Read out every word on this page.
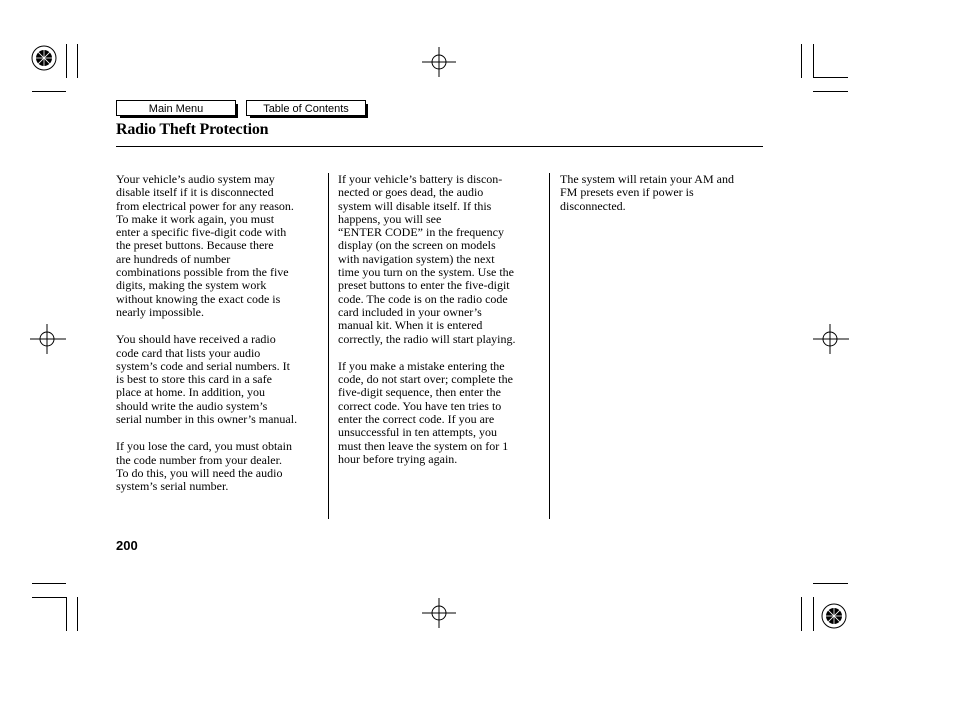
Main Menu	Table of Contents
Radio Theft Protection

Your vehicle’s audio system may
disable itself if it is disconnected
from electrical power for any reason.
To make it work again, you must
enter a specific five-digit code with
the preset buttons. Because there
are hundreds of number
combinations possible from the five
digits, making the system work
without knowing the exact code is
nearly impossible.

You should have received a radio
code card that lists your audio
system’s code and serial numbers. It
is best to store this card in a safe
place at home. In addition, you
should write the audio system’s
serial number in this owner’s manual.

If you lose the card, you must obtain
the code number from your dealer.
To do this, you will need the audio
system’s serial number.

If your vehicle’s battery is discon-
nected or goes dead, the audio
system will disable itself. If this
happens, you will see
“ENTER CODE” in the frequency
display (on the screen on models
with navigation system) the next
time you turn on the system. Use the
preset buttons to enter the five-digit
code. The code is on the radio code
card included in your owner’s
manual kit. When it is entered
correctly, the radio will start playing.

If you make a mistake entering the
code, do not start over; complete the
five-digit sequence, then enter the
correct code. You have ten tries to
enter the correct code. If you are
unsuccessful in ten attempts, you
must then leave the system on for 1
hour before trying again.

The system will retain your AM and
FM presets even if power is
disconnected.

200
